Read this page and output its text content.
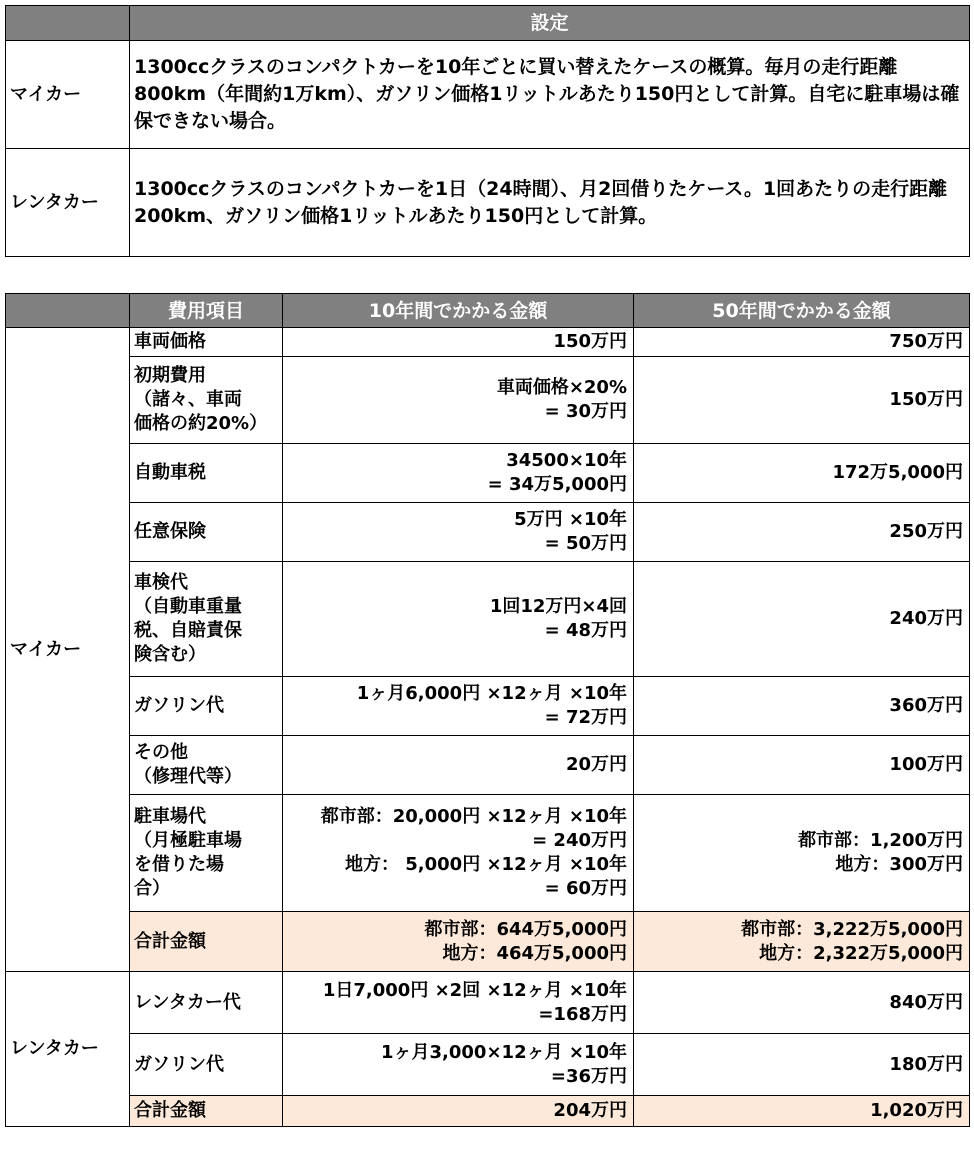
	設定
マイカー	1300ccクラスのコンパクトカーを10年ごとに買い替えたケースの概算。毎月の走行距離800km（年間約1万km）、ガソリン価格1リットルあたり150円として計算。自宅に駐車場は確保できない場合。
レンタカー	1300ccクラスのコンパクトカーを1日（24時間）、月2回借りたケース。1回あたりの走行距離200km、ガソリン価格1リットルあたり150円として計算。
	費用項目	10年間でかかる金額	50年間でかかる金額
マイカー	車両価格	150万円	750万円

	初期費用
（諸々、車両
価格の約20%）	車両価格×20%
= 30万円	150万円

	自動車税	34500×10年
= 34万5,000円	172万5,000円

	任意保険	5万円 ×10年
= 50万円	250万円

	車検代
（自動車重量
税、自賠責保
険含む）	1回12万円×4回
= 48万円	240万円

	ガソリン代	1ヶ月6,000円 ×12ヶ月 ×10年
= 72万円	360万円

	その他
（修理代等）	20万円	100万円

	駐車場代
（月極駐車場
を借りた場
合）	都市部：20,000円 ×12ヶ月 ×10年
= 240万円
地方： 5,000円 ×12ヶ月 ×10年
= 60万円	都市部：1,200万円
地方：300万円

	合計金額	都市部：644万5,000円
地方：464万5,000円	都市部：3,222万5,000円
地方：2,322万5,000円

レンタカー	レンタカー代	1日7,000円 ×2回 ×12ヶ月 ×10年
=168万円	840万円

	ガソリン代	1ヶ月3,000×12ヶ月 ×10年
=36万円	180万円

	合計金額	204万円	1,020万円
